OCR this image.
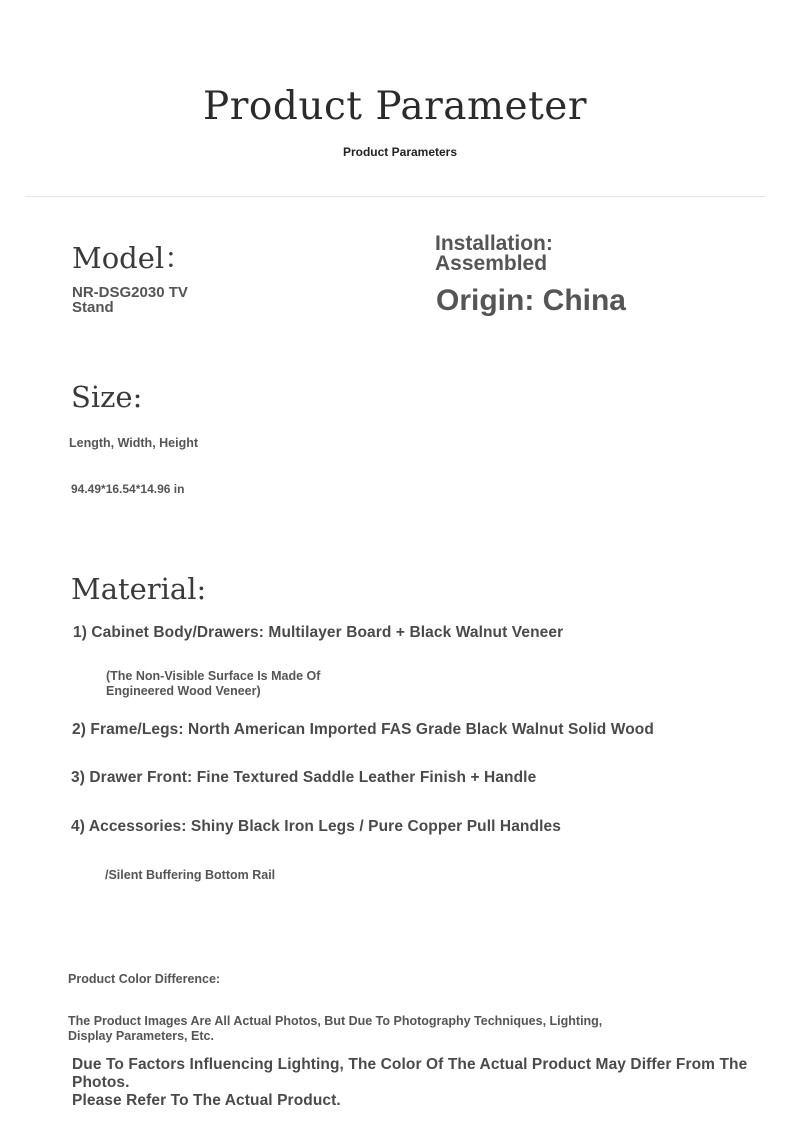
Product Parameter
Product Parameters
Model：
NR-DSG2030 TV
Stand
Installation:
Assembled
Origin: China
Size:
Length, Width, Height
94.49*16.54*14.96 in
Material:
1) Cabinet Body/Drawers: Multilayer Board + Black Walnut Veneer
(The Non-Visible Surface Is Made Of
Engineered Wood Veneer)
2) Frame/Legs: North American Imported FAS Grade Black Walnut Solid Wood
3) Drawer Front: Fine Textured Saddle Leather Finish + Handle
4) Accessories: Shiny Black Iron Legs / Pure Copper Pull Handles
/Silent Buffering Bottom Rail
Product Color Difference:
The Product Images Are All Actual Photos, But Due To Photography Techniques, Lighting,
Display Parameters, Etc.
Due To Factors Influencing Lighting, The Color Of The Actual Product May Differ From The Photos.
Please Refer To The Actual Product.
